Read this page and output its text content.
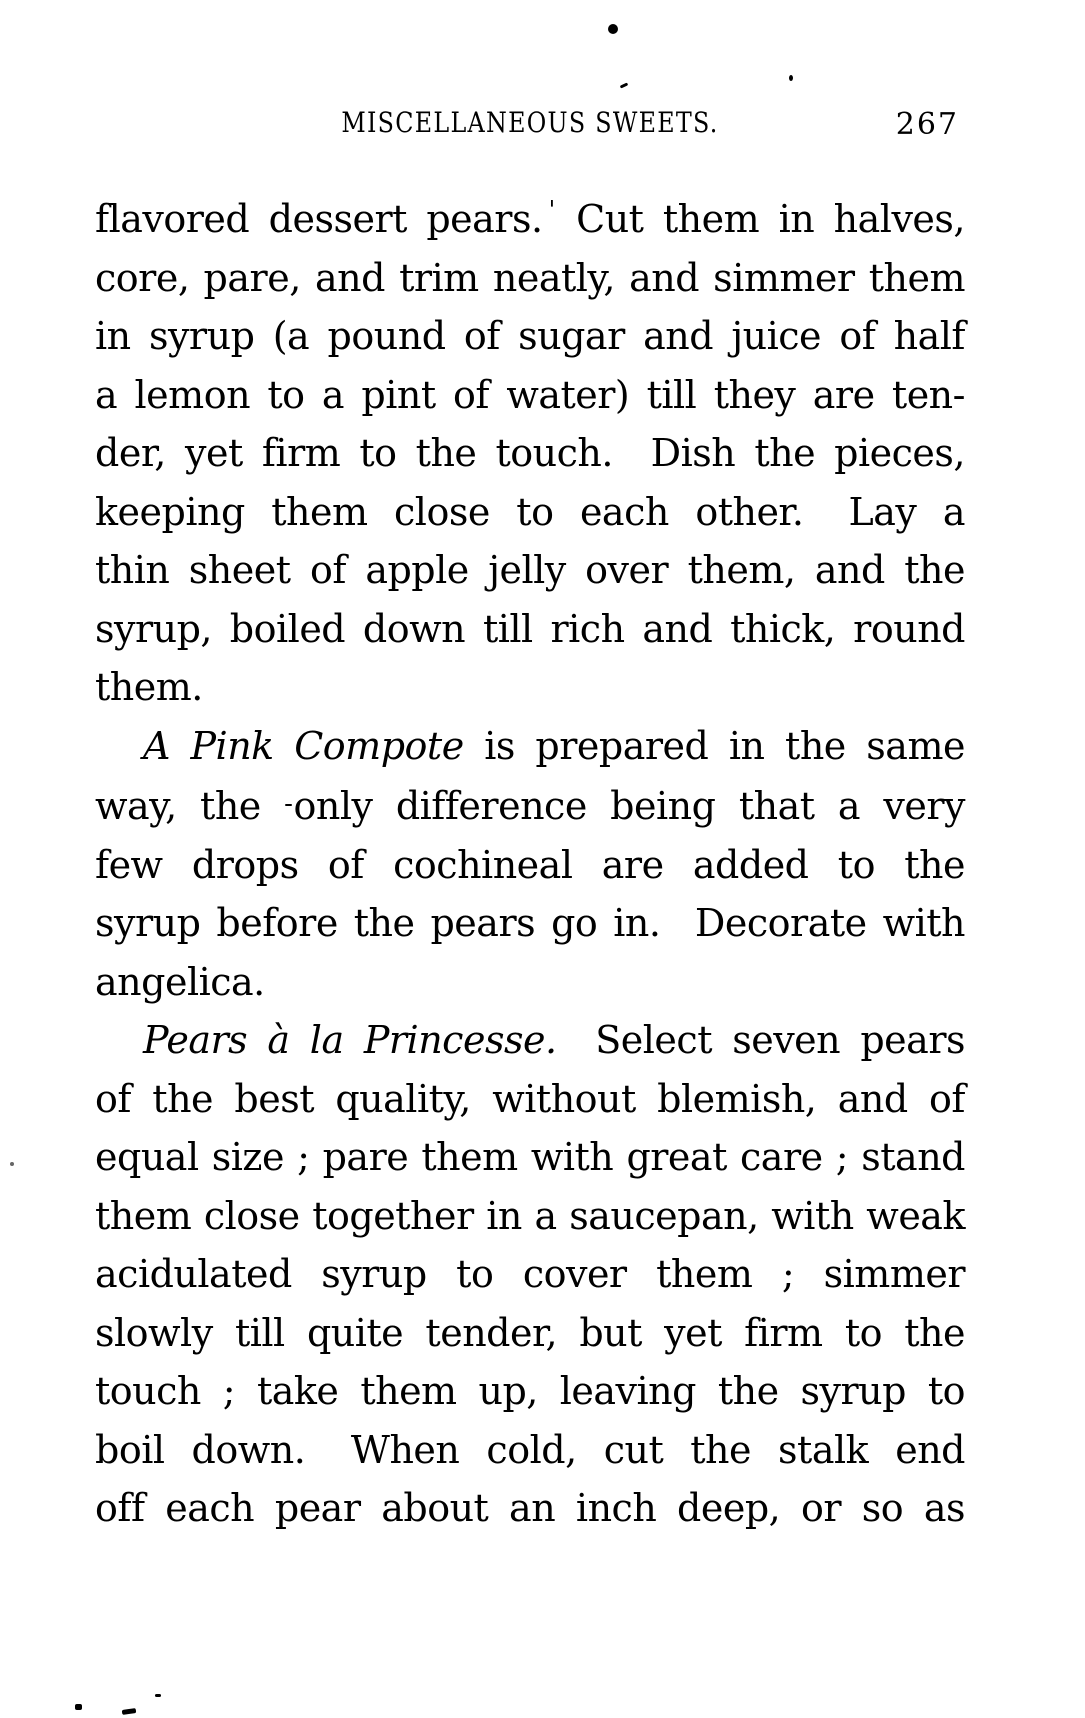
MISCELLANEOUS SWEETS.	267
flavored dessert pears. ' Cut them in halves,
core, pare, and trim neatly, and simmer them
in syrup (a pound of sugar and juice of half
a lemon to a pint of water) till they are ten-
der, yet firm to the touch.  Dish the pieces,
keeping them close to each other.  Lay a
thin sheet of apple jelly over them, and the
syrup, boiled down till rich and thick, round
them.
A Pink Compote is prepared in the same
way, the -only difference being that a very
few drops of cochineal are added to the
syrup before the pears go in.  Decorate with
angelica.
Pears à la Princesse.  Select seven pears
of the best quality, without blemish, and of
equal size ; pare them with great care ; stand
them close together in a saucepan, with weak
acidulated syrup to cover them ; simmer
slowly till quite tender, but yet firm to the
touch ; take them up, leaving the syrup to
boil down.  When cold, cut the stalk end
off each pear about an inch deep, or so as
